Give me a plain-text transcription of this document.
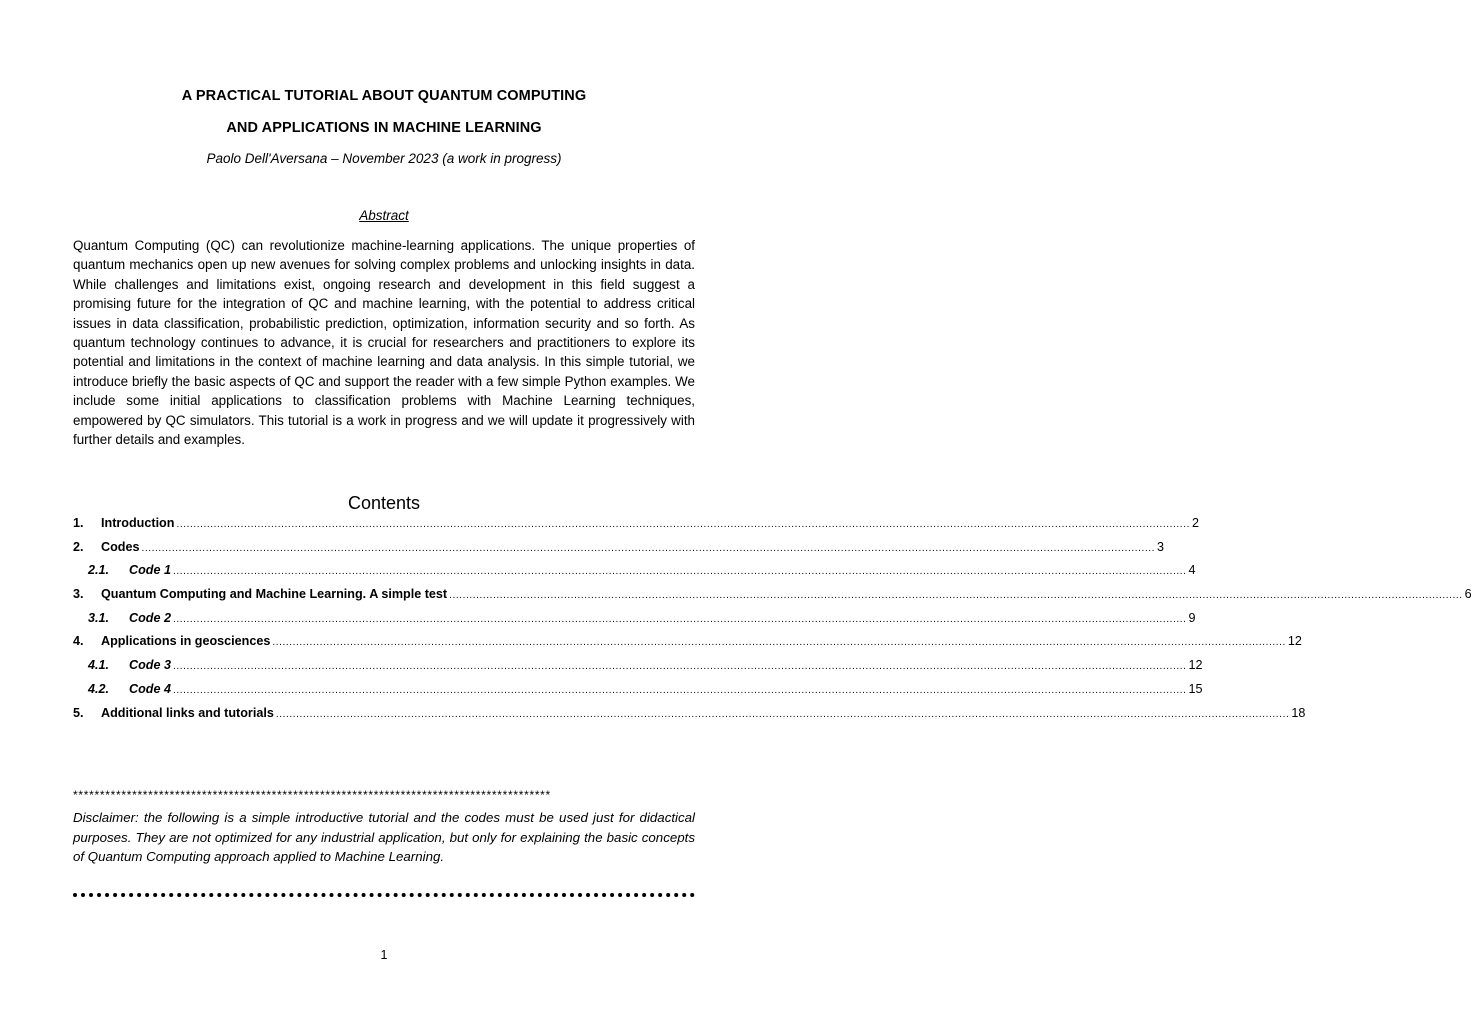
A PRACTICAL TUTORIAL ABOUT QUANTUM COMPUTING
AND APPLICATIONS IN MACHINE LEARNING
Paolo Dell'Aversana – November 2023 (a work in progress)
Abstract

Quantum Computing (QC) can revolutionize machine-learning applications. The unique properties of quantum mechanics open up new avenues for solving complex problems and unlocking insights in data. While challenges and limitations exist, ongoing research and development in this field suggest a promising future for the integration of QC and machine learning, with the potential to address critical issues in data classification, probabilistic prediction, optimization, information security and so forth. As quantum technology continues to advance, it is crucial for researchers and practitioners to explore its potential and limitations in the context of machine learning and data analysis. In this simple tutorial, we introduce briefly the basic aspects of QC and support the reader with a few simple Python examples. We include some initial applications to classification problems with Machine Learning techniques, empowered by QC simulators. This tutorial is a work in progress and we will update it progressively with further details and examples.

Contents
1.	Introduction ............................................................................................................................................................................................................................................................................................................ 2
2.	Codes ............................................................................................................................................................................................................................................................................................................ 3
2.1.	Code 1 ............................................................................................................................................................................................................................................................................................................ 4
3.	Quantum Computing and Machine Learning. A simple test ............................................................................................................................................................................................................................................................................................................ 6
3.1.	Code 2 ............................................................................................................................................................................................................................................................................................................ 9
4.	Applications in geosciences ............................................................................................................................................................................................................................................................................................................ 12
4.1.	Code 3 ............................................................................................................................................................................................................................................................................................................ 12
4.2.	Code 4 ............................................................................................................................................................................................................................................................................................................ 15
5.	Additional links and tutorials ............................................................................................................................................................................................................................................................................................................ 18
*****************************************************************************************

Disclaimer: the following is a simple introductive tutorial and the codes must be used just for didactical purposes. They are not optimized for any industrial application, but only for explaining the basic concepts of Quantum Computing approach applied to Machine Learning.

1
